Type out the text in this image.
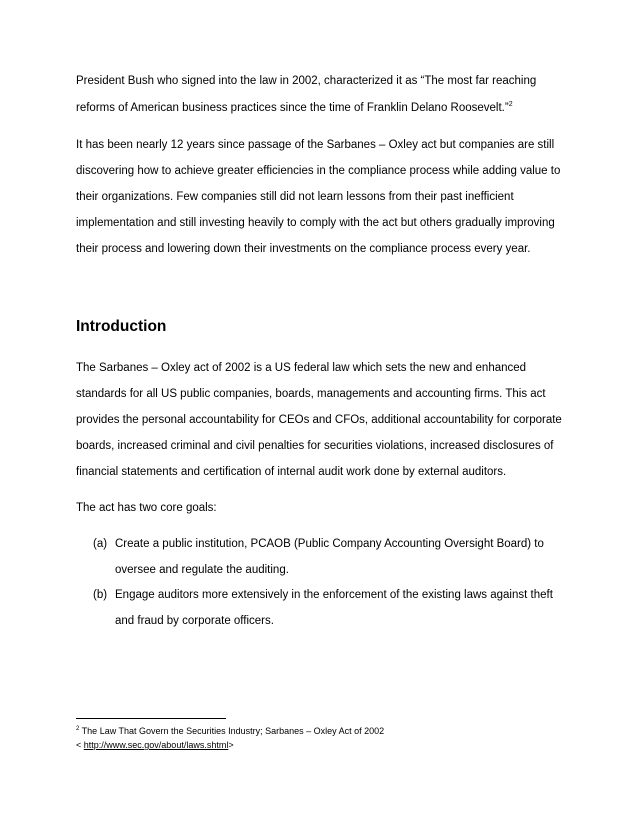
President Bush who signed into the law in 2002, characterized it as “The most far reaching
reforms of American business practices since the time of Franklin Delano Roosevelt.”$^2$
It has been nearly 12 years since passage of the Sarbanes – Oxley act but companies are still
discovering how to achieve greater efficiencies in the compliance process while adding value to
their organizations. Few companies still did not learn lessons from their past inefficient
implementation and still investing heavily to comply with the act but others gradually improving
their process and lowering down their investments on the compliance process every year.
Introduction
The Sarbanes – Oxley act of 2002 is a US federal law which sets the new and enhanced
standards for all US public companies, boards, managements and accounting firms. This act
provides the personal accountability for CEOs and CFOs, additional accountability for corporate
boards, increased criminal and civil penalties for securities violations, increased disclosures of
financial statements and certification of internal audit work done by external auditors.
The act has two core goals:
(a) Create a public institution, PCAOB (Public Company Accounting Oversight Board) to
oversee and regulate the auditing.
(b) Engage auditors more extensively in the enforcement of the existing laws against theft
and fraud by corporate officers.
$^2$ The Law That Govern the Securities Industry; Sarbanes – Oxley Act of 2002
< http://www.sec.gov/about/laws.shtml>
